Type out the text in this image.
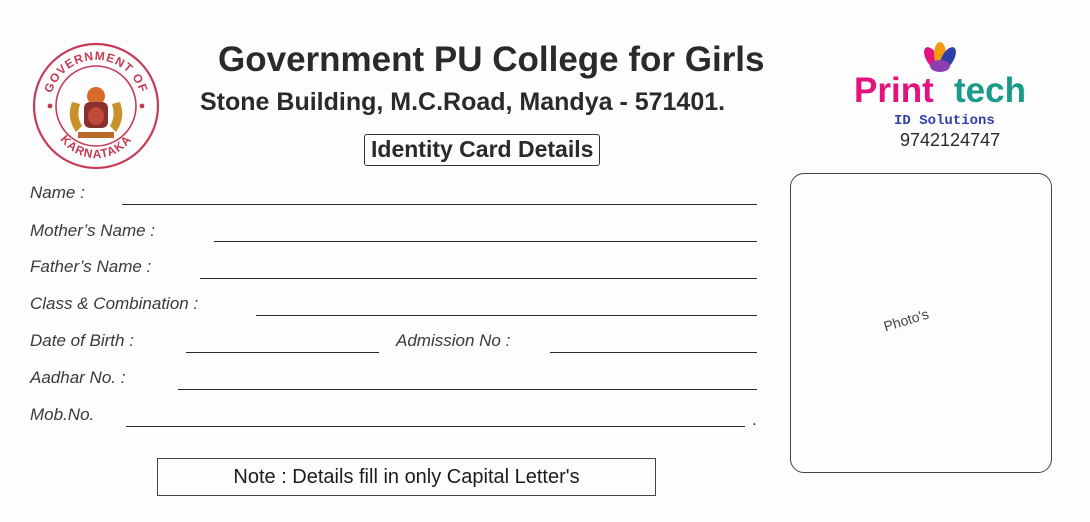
GOVERNMENT OF
KARNATAKA
Government PU College for Girls
Stone Building, M.C.Road, Mandya - 571401.
Identity Card Details
Print tech
ID Solutions
9742124747
Name :
Mother’s Name :
Father’s Name :
Class & Combination :
Date of Birth :	Admission No :
Aadhar No. :
Mob.No.	.
Photo's
Note : Details fill in only Capital Letter's
